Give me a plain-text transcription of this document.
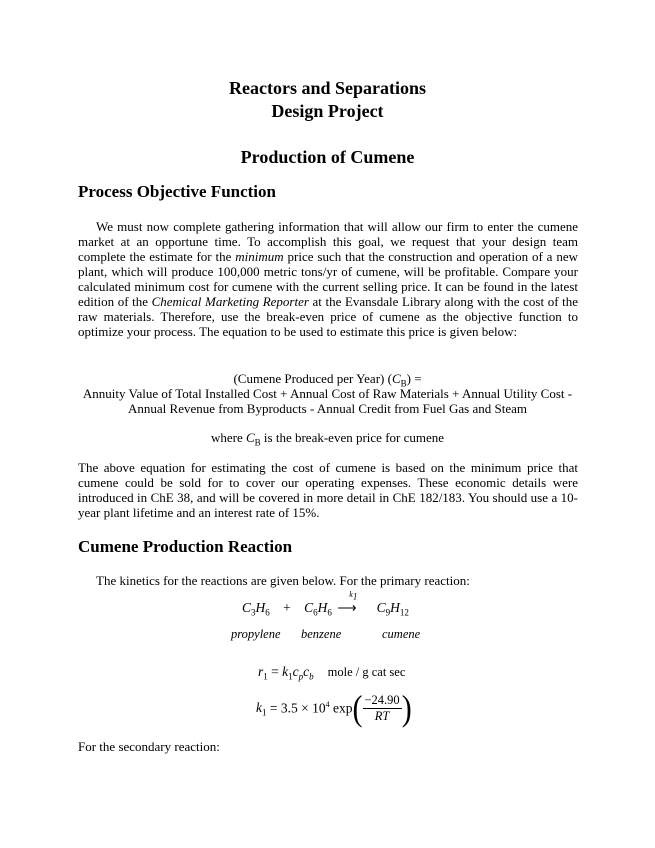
Reactors and Separations
Design Project
Production of Cumene
Process Objective Function
We must now complete gathering information that will allow our firm to enter the cumene market at an opportune time. To accomplish this goal, we request that your design team complete the estimate for the minimum price such that the construction and operation of a new plant, which will produce 100,000 metric tons/yr of cumene, will be profitable. Compare your calculated minimum cost for cumene with the current selling price. It can be found in the latest edition of the Chemical Marketing Reporter at the Evansdale Library along with the cost of the raw materials. Therefore, use the break-even price of cumene as the objective function to optimize your process. The equation to be used to estimate this price is given below:
(Cumene Produced per Year) $(C_B)$ =
Annuity Value of Total Installed Cost + Annual Cost of Raw Materials + Annual Utility Cost -
Annual Revenue from Byproducts - Annual Credit from Fuel Gas and Steam
where $C_B$ is the break-even price for cumene
The above equation for estimating the cost of cumene is based on the minimum price that cumene could be sold for to cover our operating expenses. These economic details were introduced in ChE 38, and will be covered in more detail in ChE 182/183. You should use a 10-year plant lifetime and an interest rate of 15%.
Cumene Production Reaction
The kinetics for the reactions are given below. For the primary reaction:
$C_3H_6 + C_6H_6$
$k_1$
⟶ $C_9H_{12}$
propylene benzene	cumene
$r_1 = k_1c_pc_b$ mole / g cat sec
$k_1 = 3.5 \times 10^4$ exp ( −24.90
RT )
For the secondary reaction:
